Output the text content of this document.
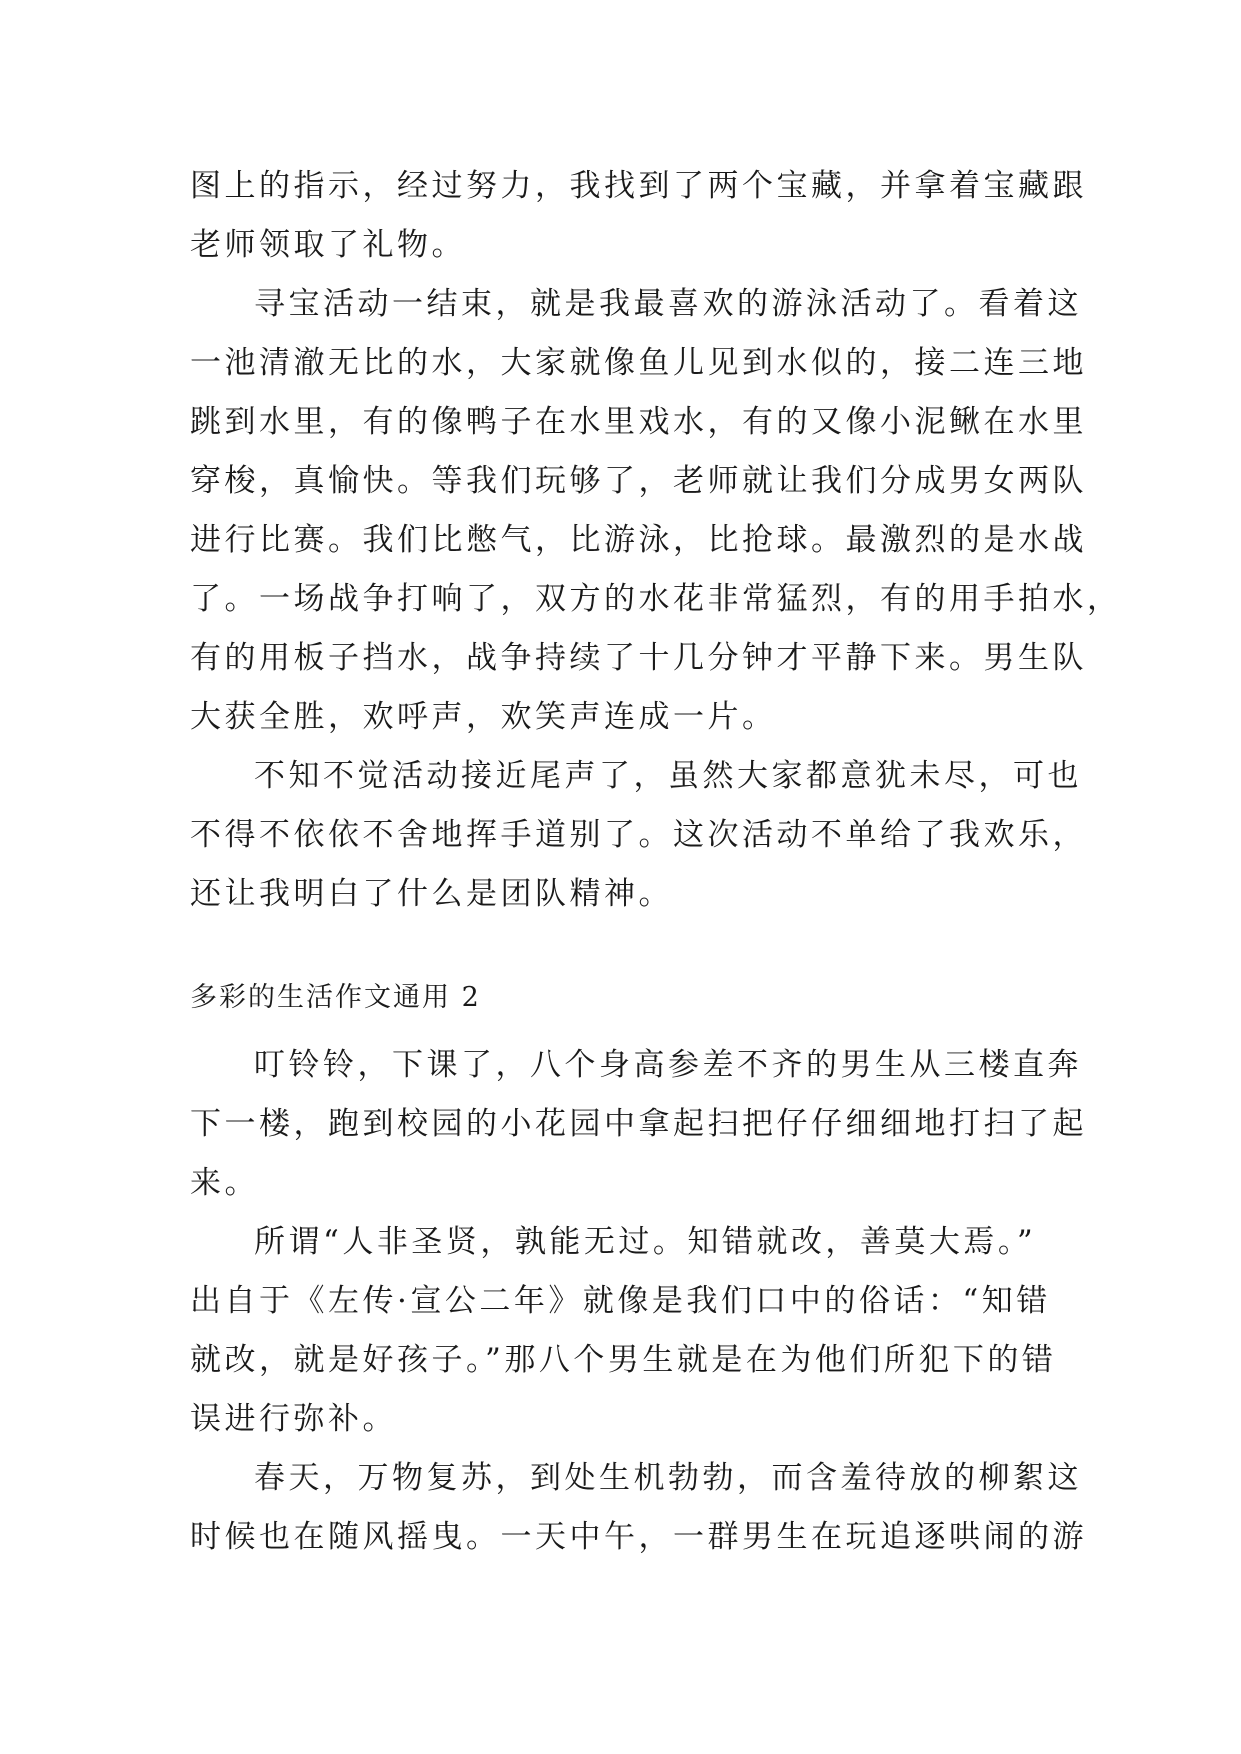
图上的指示，经过努力，我找到了两个宝藏，并拿着宝藏跟
老师领取了礼物。
寻宝活动一结束，就是我最喜欢的游泳活动了。看着这
一池清澈无比的水，大家就像鱼儿见到水似的，接二连三地
跳到水里，有的像鸭子在水里戏水，有的又像小泥鳅在水里
穿梭，真愉快。等我们玩够了，老师就让我们分成男女两队
进行比赛。我们比憋气，比游泳，比抢球。最激烈的是水战
了。一场战争打响了，双方的水花非常猛烈，有的用手拍水，
有的用板子挡水，战争持续了十几分钟才平静下来。男生队
大获全胜，欢呼声，欢笑声连成一片。
不知不觉活动接近尾声了，虽然大家都意犹未尽，可也
不得不依依不舍地挥手道别了。这次活动不单给了我欢乐，
还让我明白了什么是团队精神。
多彩的生活作文通用 2
叮铃铃，下课了，八个身高参差不齐的男生从三楼直奔
下一楼，跑到校园的小花园中拿起扫把仔仔细细地打扫了起
来。
所谓“人非圣贤，孰能无过。知错就改，善莫大焉。”
出自于《左传·宣公二年》就像是我们口中的俗话：“知错
就改，就是好孩子。”那八个男生就是在为他们所犯下的错
误进行弥补。
春天，万物复苏，到处生机勃勃，而含羞待放的柳絮这
时候也在随风摇曳。一天中午，一群男生在玩追逐哄闹的游
